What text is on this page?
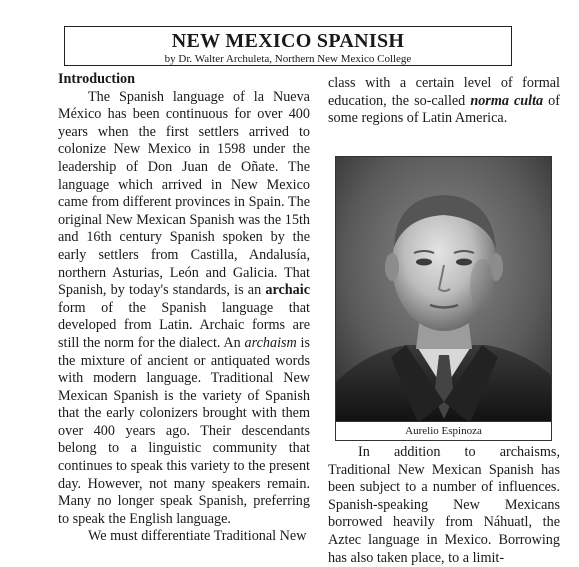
NEW MEXICO SPANISH
by Dr. Walter Archuleta, Northern New Mexico College
Introduction

The Spanish language of la Nueva México has been continuous for over 400 years when the first settlers arrived to colonize New Mexico in 1598 under the leadership of Don Juan de Oñate. The language which arrived in New Mexico came from different provinces in Spain. The original New Mexican Spanish was the 15th and 16th century Spanish spoken by the early settlers from Castilla, Andalusía, northern Asturias, León and Galicia. That Spanish, by today's standards, is an archaic form of the Spanish language that developed from Latin. Archaic forms are still the norm for the dialect. An archaism is the mixture of ancient or antiquated words with modern language. Traditional New Mexican Spanish is the variety of Spanish that the early colonizers brought with them over 400 years ago. Their descendants belong to a linguistic community that continues to speak this variety to the present day. However, not many speakers remain. Many no longer speak Spanish, preferring to speak the English language.

We must differentiate Traditional New

class with a certain level of formal education, the so-called norma culta of some regions of Latin America.

Aurelio Espinoza

In addition to archaisms, Traditional New Mexican Spanish has been subject to a number of influences. Spanish-speaking New Mexicans borrowed heavily from Náhuatl, the Aztec language in Mexico. Borrowing has also taken place, to a limit-
